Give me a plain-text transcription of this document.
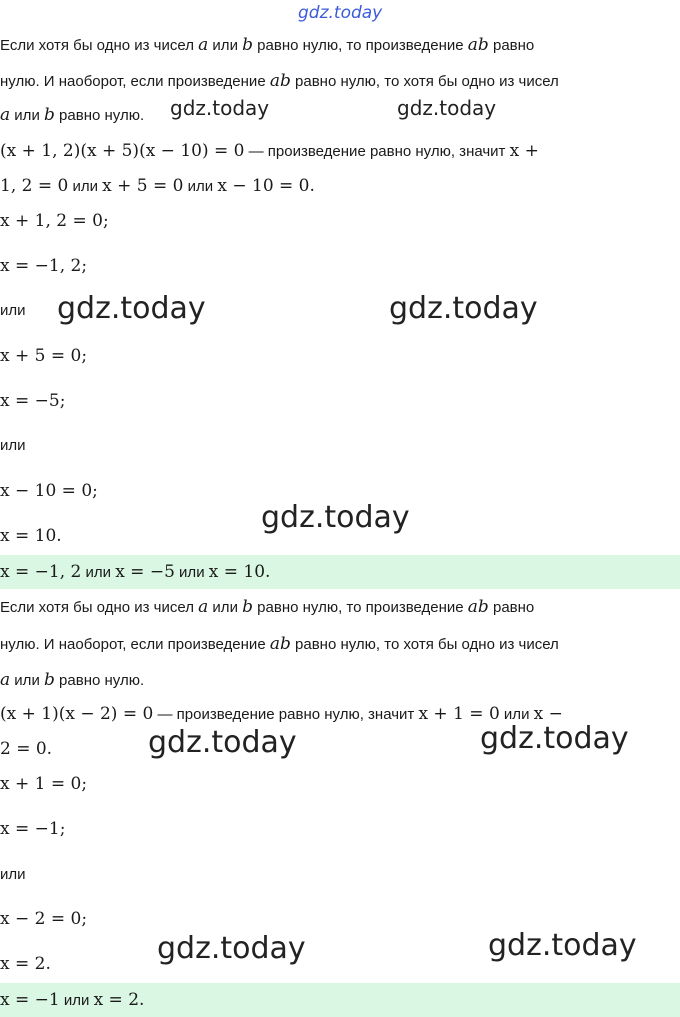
gdz.today
Если хотя бы одно из чисел a или b равно нулю, то произведение ab равно
нулю. И наоборот, если произведение ab равно нулю, то хотя бы одно из чисел
a или b равно нулю.	gdz.today	gdz.today
(x + 1, 2)(x + 5)(x − 10) = 0 — произведение равно нулю, значит x +
1, 2 = 0 или x + 5 = 0 или x − 10 = 0.
x + 1, 2 = 0;
x = −1, 2;
или	gdz.today	gdz.today
x + 5 = 0;
x = −5;
или
x − 10 = 0;
x = 10.
gdz.today
x = −1, 2 или x = −5 или x = 10.
Если хотя бы одно из чисел a или b равно нулю, то произведение ab равно
нулю. И наоборот, если произведение ab равно нулю, то хотя бы одно из чисел
a или b равно нулю.
(x + 1)(x − 2) = 0 — произведение равно нулю, значит x + 1 = 0 или x −
2 = 0.	gdz.today	gdz.today
x + 1 = 0;
x = −1;
или
x − 2 = 0;
x = 2.	gdz.today	gdz.today
x = −1 или x = 2.
